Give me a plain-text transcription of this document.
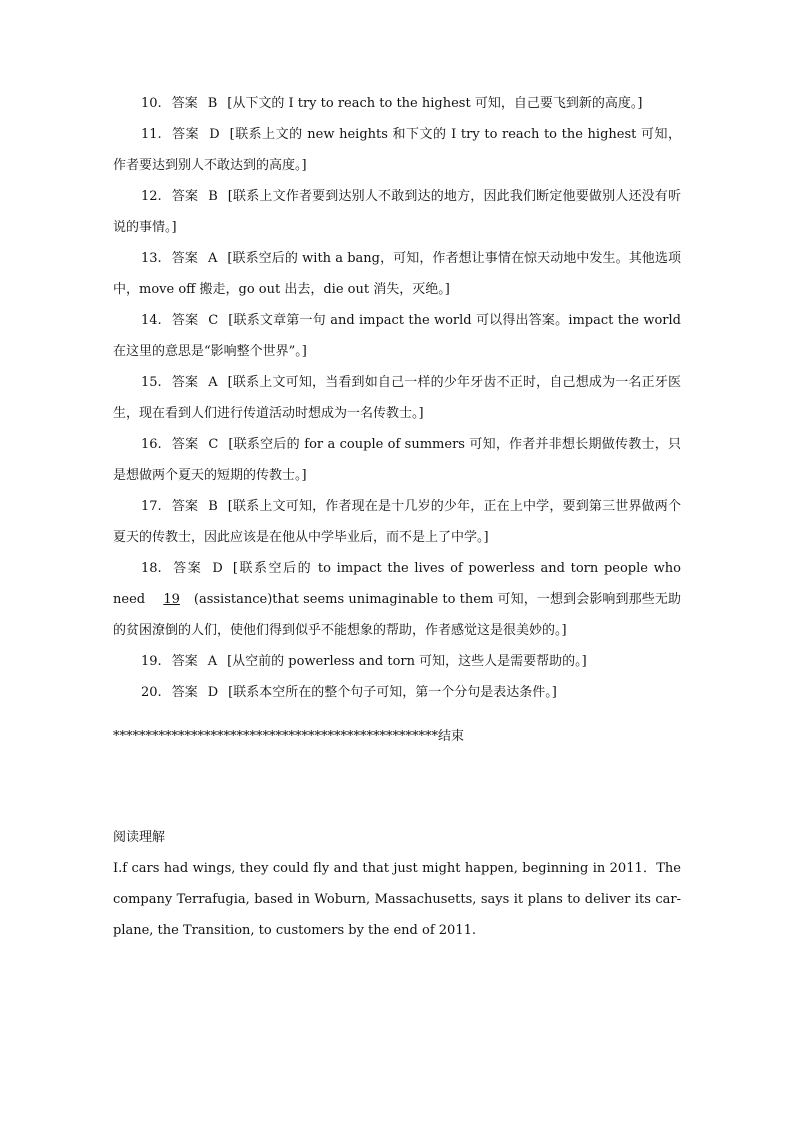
10. 答案 B [从下文的 I try to reach to the highest 可知，自己要飞到新的高度。]

11. 答案 D [联系上文的 new heights 和下文的 I try to reach to the highest 可知，作者要达到别人不敢达到的高度。]

12. 答案 B [联系上文作者要到达别人不敢到达的地方，因此我们断定他要做别人还没有听说的事情。]

13. 答案 A [联系空后的 with a bang，可知，作者想让事情在惊天动地中发生。其他选项中，move off 搬走，go out 出去，die out 消失，灭绝。]

14. 答案 C [联系文章第一句 and impact the world 可以得出答案。impact the world 在这里的意思是“影响整个世界”。]

15. 答案 A [联系上文可知，当看到如自己一样的少年牙齿不正时，自己想成为一名正牙医生，现在看到人们进行传道活动时想成为一名传教士。]

16. 答案 C [联系空后的 for a couple of summers 可知，作者并非想长期做传教士，只是想做两个夏天的短期的传教士。]

17. 答案 B [联系上文可知，作者现在是十几岁的少年，正在上中学，要到第三世界做两个夏天的传教士，因此应该是在他从中学毕业后，而不是上了中学。]

18. 答案 D [联系空后的 to impact the lives of powerless and torn people who need 19 (assistance)that seems unimaginable to them 可知，一想到会影响到那些无助的贫困潦倒的人们，使他们得到似乎不能想象的帮助，作者感觉这是很美妙的。]

19. 答案 A [从空前的 powerless and torn 可知，这些人是需要帮助的。]

20. 答案 D [联系本空所在的整个句子可知，第一个分句是表达条件。]

**************************************************结束
阅读理解

I.f cars had wings, they could fly and that just might happen, beginning in 2011．The company Terrafugia, based in Woburn, Massachusetts, says it plans to deliver its car-plane, the Transition, to customers by the end of 2011.
